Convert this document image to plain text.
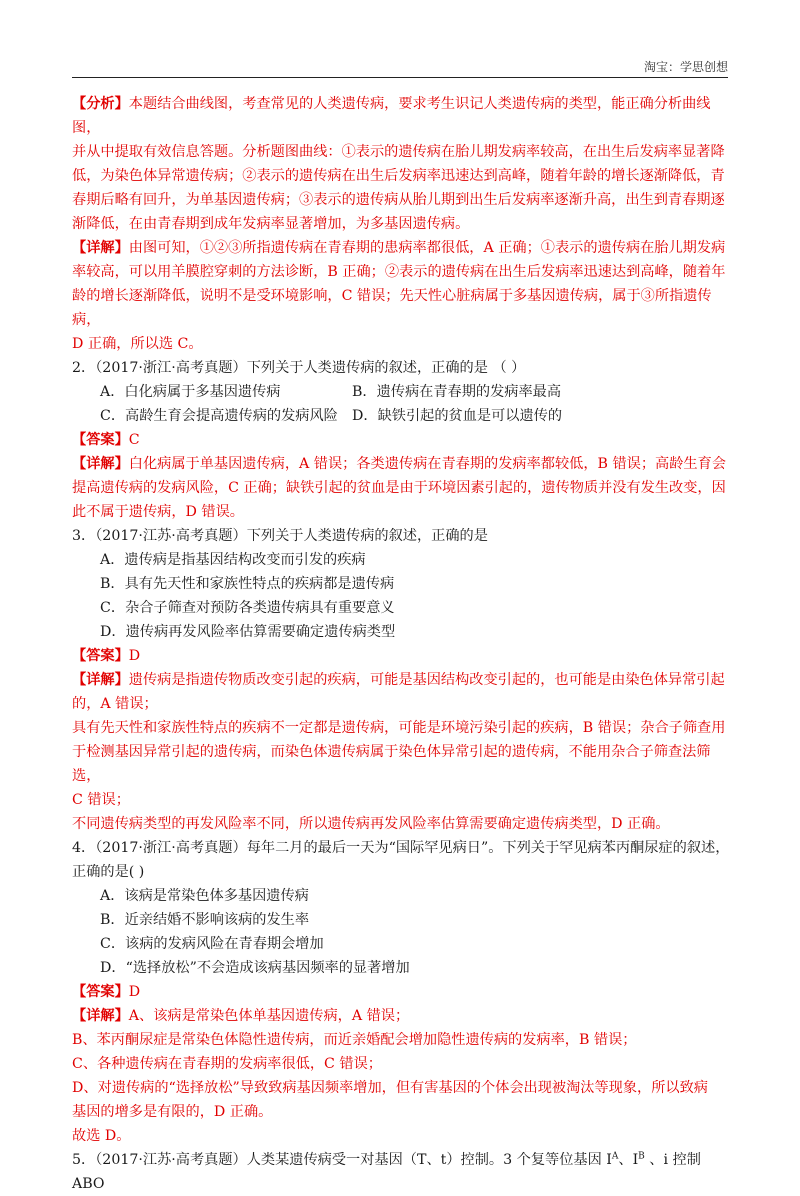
淘宝：学思创想

【分析】本题结合曲线图，考查常见的人类遗传病，要求考生识记人类遗传病的类型，能正确分析曲线图，

并从中提取有效信息答题。分析题图曲线：①表示的遗传病在胎儿期发病率较高，在出生后发病率显著降

低，为染色体异常遗传病；②表示的遗传病在出生后发病率迅速达到高峰，随着年龄的增长逐渐降低，青

春期后略有回升，为单基因遗传病；③表示的遗传病从胎儿期到出生后发病率逐渐升高，出生到青春期逐

渐降低，在由青春期到成年发病率显著增加，为多基因遗传病。

【详解】由图可知，①②③所指遗传病在青春期的患病率都很低，A 正确；①表示的遗传病在胎儿期发病

率较高，可以用羊膜腔穿刺的方法诊断，B 正确；②表示的遗传病在出生后发病率迅速达到高峰，随着年

龄的增长逐渐降低，说明不是受环境影响，C 错误；先天性心脏病属于多基因遗传病，属于③所指遗传病，

D 正确，所以选 C。

2．（2017·浙江·高考真题）下列关于人类遗传病的叙述，正确的是 （ ）

A．白化病属于多基因遗传病	B．遗传病在青春期的发病率最高
C．高龄生育会提高遗传病的发病风险 D．缺铁引起的贫血是可以遗传的

【答案】C

【详解】白化病属于单基因遗传病，A 错误；各类遗传病在青春期的发病率都较低，B 错误；高龄生育会

提高遗传病的发病风险，C 正确；缺铁引起的贫血是由于环境因素引起的，遗传物质并没有发生改变，因

此不属于遗传病，D 错误。

3．（2017·江苏·高考真题）下列关于人类遗传病的叙述，正确的是

A．遗传病是指基因结构改变而引发的疾病

B．具有先天性和家族性特点的疾病都是遗传病

C．杂合子筛查对预防各类遗传病具有重要意义

D．遗传病再发风险率估算需要确定遗传病类型

【答案】D

【详解】遗传病是指遗传物质改变引起的疾病，可能是基因结构改变引起的，也可能是由染色体异常引起

的，A 错误；

具有先天性和家族性特点的疾病不一定都是遗传病，可能是环境污染引起的疾病，B 错误；杂合子筛查用

于检测基因异常引起的遗传病，而染色体遗传病属于染色体异常引起的遗传病，不能用杂合子筛查法筛选，

C 错误；

不同遗传病类型的再发风险率不同，所以遗传病再发风险率估算需要确定遗传病类型，D 正确。

4．（2017·浙江·高考真题）每年二月的最后一天为“国际罕见病日”。下列关于罕见病苯丙酮尿症的叙述，

正确的是( )

A．该病是常染色体多基因遗传病

B．近亲结婚不影响该病的发生率

C．该病的发病风险在青春期会增加

D．“选择放松”不会造成该病基因频率的显著增加

【答案】D

【详解】A、该病是常染色体单基因遗传病，A 错误；

B、苯丙酮尿症是常染色体隐性遗传病，而近亲婚配会增加隐性遗传病的发病率，B 错误；

C、各种遗传病在青春期的发病率很低，C 错误；

D、对遗传病的“选择放松”导致致病基因频率增加，但有害基因的个体会出现被淘汰等现象，所以致病

基因的增多是有限的，D 正确。

故选 D。

5．（2017·江苏·高考真题）人类某遗传病受一对基因（T、t）控制。3 个复等位基因 $I^A$、$I^B$ 、i 控制 ABO
